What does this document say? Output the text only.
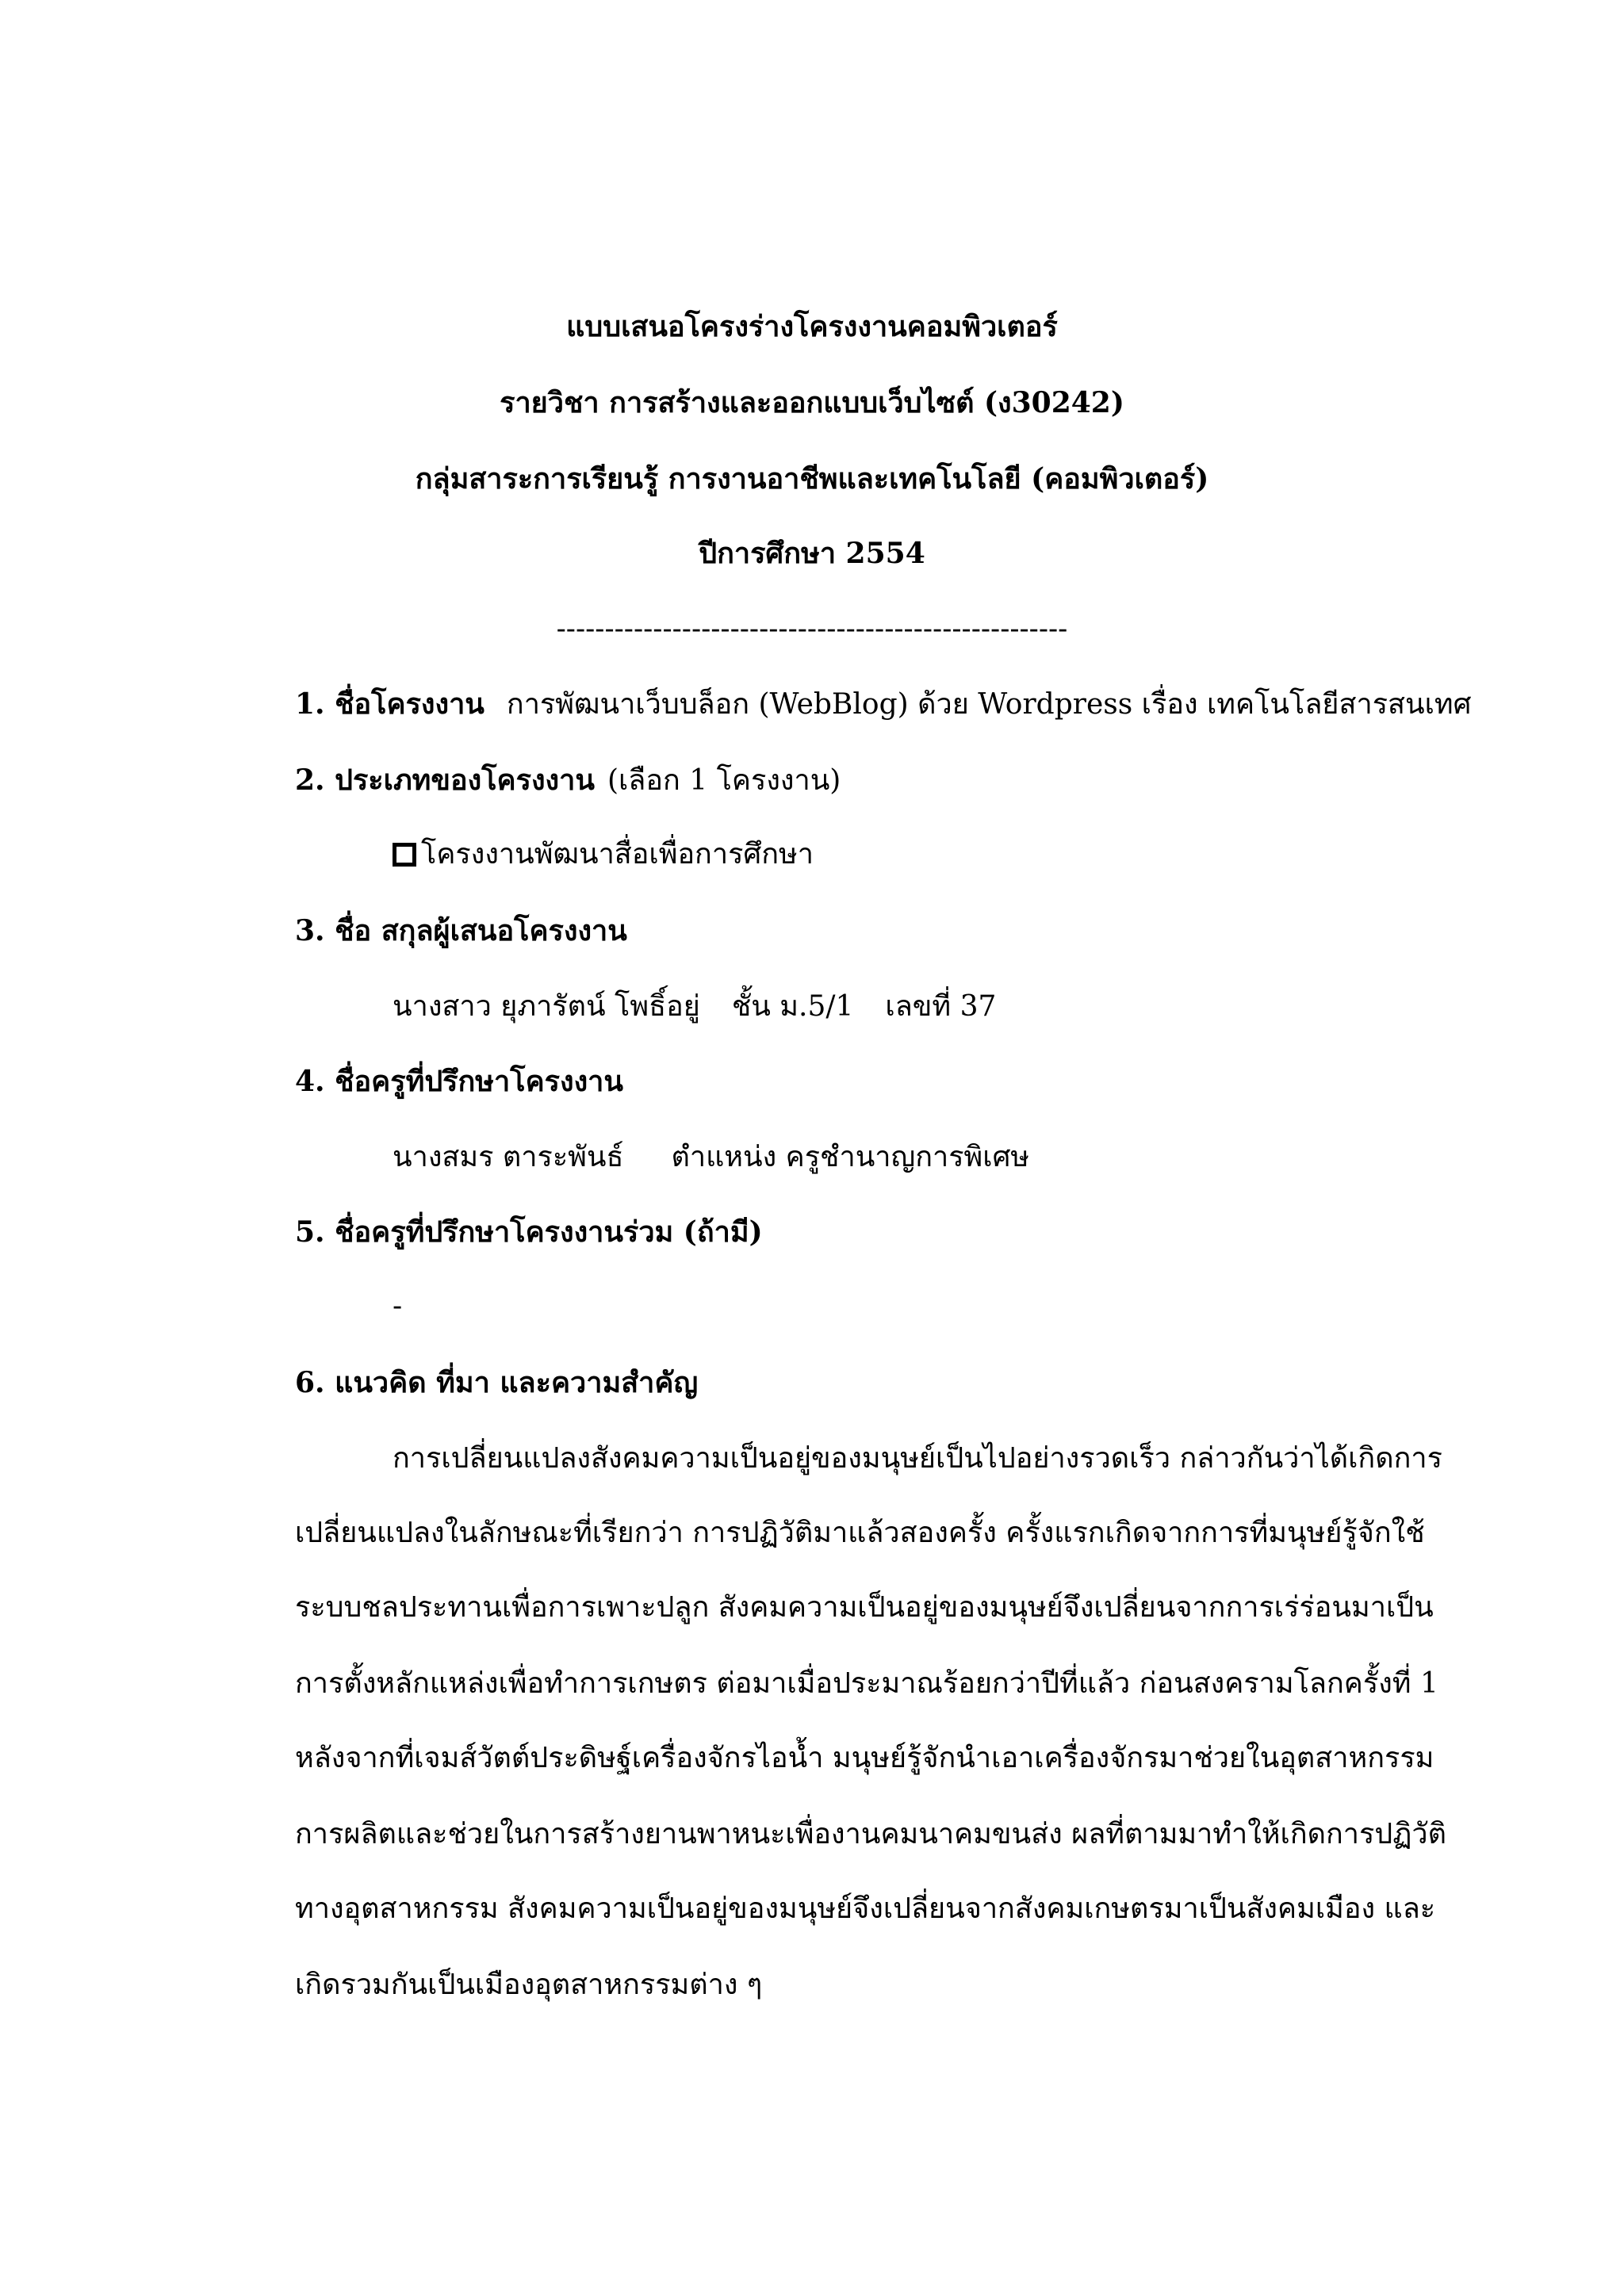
แบบเสนอโครงร่างโครงงานคอมพิวเตอร์
รายวิชา การสร้างและออกแบบเว็บไซต์ (ง30242)
กลุ่มสาระการเรียนรู้ การงานอาชีพและเทคโนโลยี (คอมพิวเตอร์)
ปีการศึกษา 2554
-----------------------------------------------------
1. ชื่อโครงงาน การพัฒนาเว็บบล็อก (WebBlog) ด้วย Wordpress เรื่อง เทคโนโลยีสารสนเทศ
2. ประเภทของโครงงาน (เลือก 1 โครงงาน)
โครงงานพัฒนาสื่อเพื่อการศึกษา
3. ชื่อ สกุลผู้เสนอโครงงาน
นางสาว ยุภารัตน์ โพธิ์อยู่ ชั้น ม.5/1 เลขที่ 37
4. ชื่อครูที่ปรึกษาโครงงาน
นางสมร ตาระพันธ์ ตำแหน่ง ครูชำนาญการพิเศษ
5. ชื่อครูที่ปรึกษาโครงงานร่วม (ถ้ามี)
-
6. แนวคิด ที่มา และความสำคัญ
การเปลี่ยนแปลงสังคมความเป็นอยู่ของมนุษย์เป็นไปอย่างรวดเร็ว กล่าวกันว่าได้เกิดการ
เปลี่ยนแปลงในลักษณะที่เรียกว่า การปฏิวัติมาแล้วสองครั้ง ครั้งแรกเกิดจากการที่มนุษย์รู้จักใช้
ระบบชลประทานเพื่อการเพาะปลูก สังคมความเป็นอยู่ของมนุษย์จึงเปลี่ยนจากการเร่ร่อนมาเป็น
การตั้งหลักแหล่งเพื่อทำการเกษตร ต่อมาเมื่อประมาณร้อยกว่าปีที่แล้ว ก่อนสงครามโลกครั้งที่ 1
หลังจากที่เจมส์วัตต์ประดิษฐ์เครื่องจักรไอน้ำ มนุษย์รู้จักนำเอาเครื่องจักรมาช่วยในอุตสาหกรรม
การผลิตและช่วยในการสร้างยานพาหนะเพื่องานคมนาคมขนส่ง ผลที่ตามมาทำให้เกิดการปฏิวัติ
ทางอุตสาหกรรม สังคมความเป็นอยู่ของมนุษย์จึงเปลี่ยนจากสังคมเกษตรมาเป็นสังคมเมือง และ
เกิดรวมกันเป็นเมืองอุตสาหกรรมต่าง ๆ
